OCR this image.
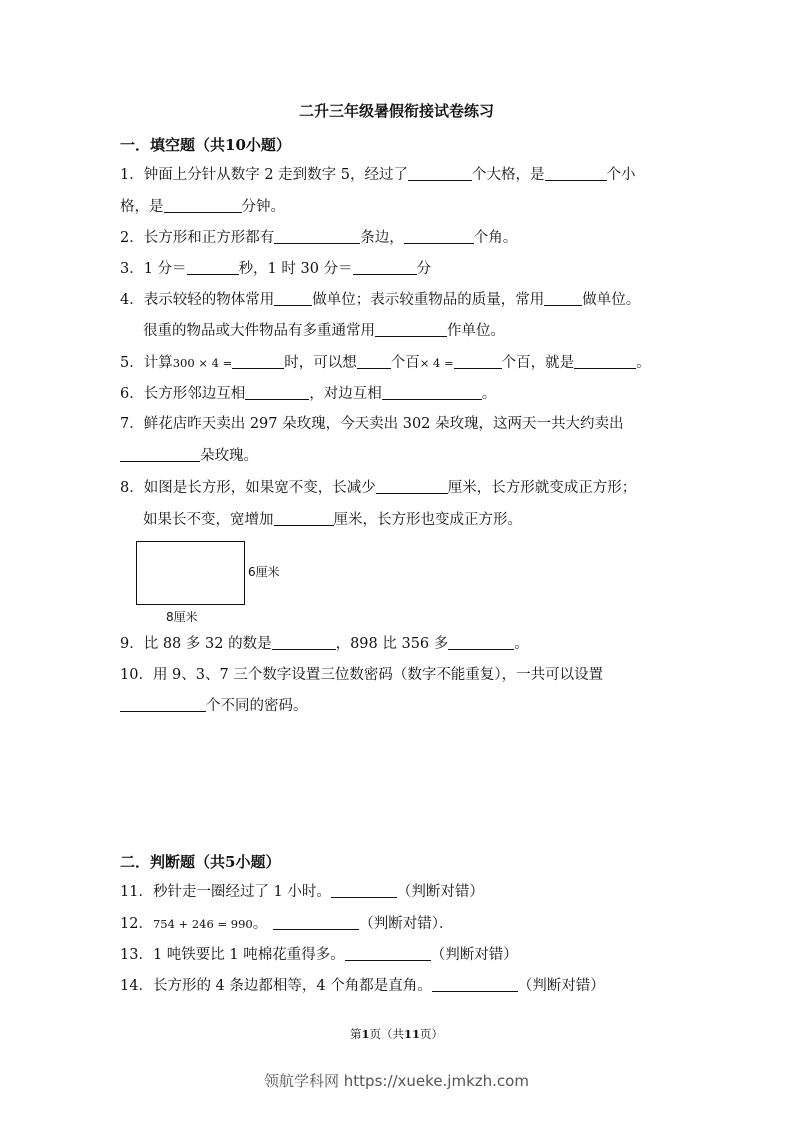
二升三年级暑假衔接试卷练习
一．填空题（共10小题）
1．钟面上分针从数字 2 走到数字 5，经过了	个大格，是	个小
格，是	分钟。
2．长方形和正方形都有	条边，	个角。
3．1 分＝	秒，1 时 30 分＝	分
4．表示较轻的物体常用	做单位；表示较重物品的质量，常用	做单位。
很重的物品或大件物品有多重通常用	作单位。
5．计算300 × 4 =	时，可以想 个百× 4 =	个百，就是	。
6．长方形邻边互相	，对边互相	。
7．鲜花店昨天卖出 297 朵玫瑰，今天卖出 302 朵玫瑰，这两天一共大约卖出
朵玫瑰。
8．如图是长方形，如果宽不变，长减少	厘米，长方形就变成正方形；
如果长不变，宽增加	厘米，长方形也变成正方形。
6厘米
8厘米
9．比 88 多 32 的数是	，898 比 356 多	。
10．用 9、3、7 三个数字设置三位数密码（数字不能重复），一共可以设置
个不同的密码。
二．判断题（共5小题）
11．秒针走一圈经过了 1 小时。	（判断对错）
12．754 + 246 = 990。	（判断对错）．
13．1 吨铁要比 1 吨棉花重得多。	（判断对错）
14．长方形的 4 条边都相等，4 个角都是直角。	（判断对错）
第1页（共11页）
领航学科网 https://xueke.jmkzh.com
